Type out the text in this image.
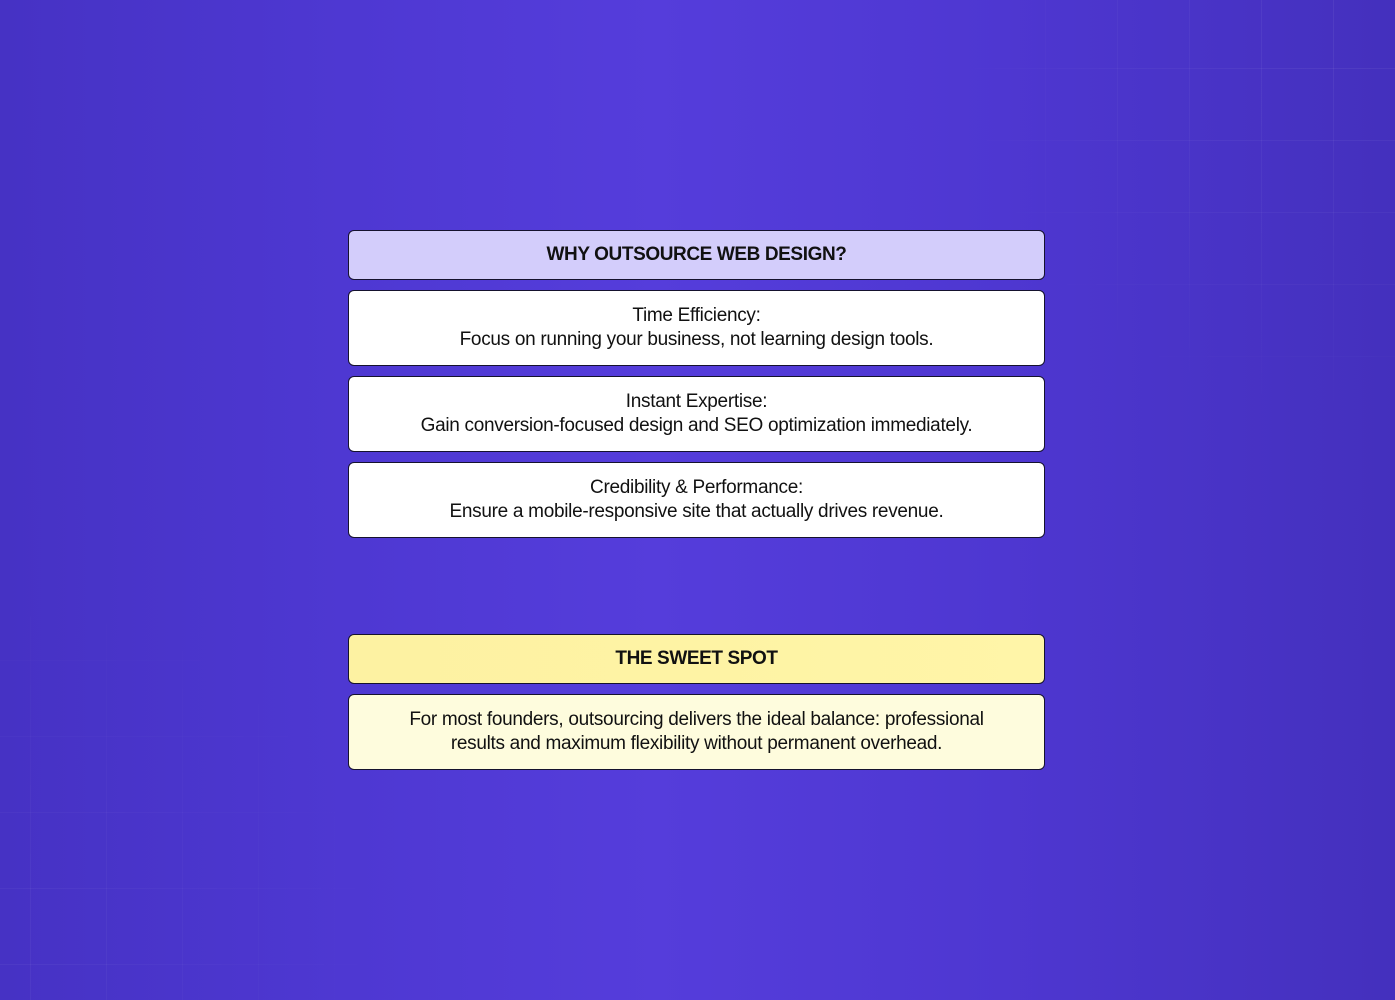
WHY OUTSOURCE WEB DESIGN?
Time Efficiency:
Focus on running your business, not learning design tools.
Instant Expertise:
Gain conversion-focused design and SEO optimization immediately.
Credibility & Performance:
Ensure a mobile-responsive site that actually drives revenue.
THE SWEET SPOT
For most founders, outsourcing delivers the ideal balance: professional
results and maximum flexibility without permanent overhead.
